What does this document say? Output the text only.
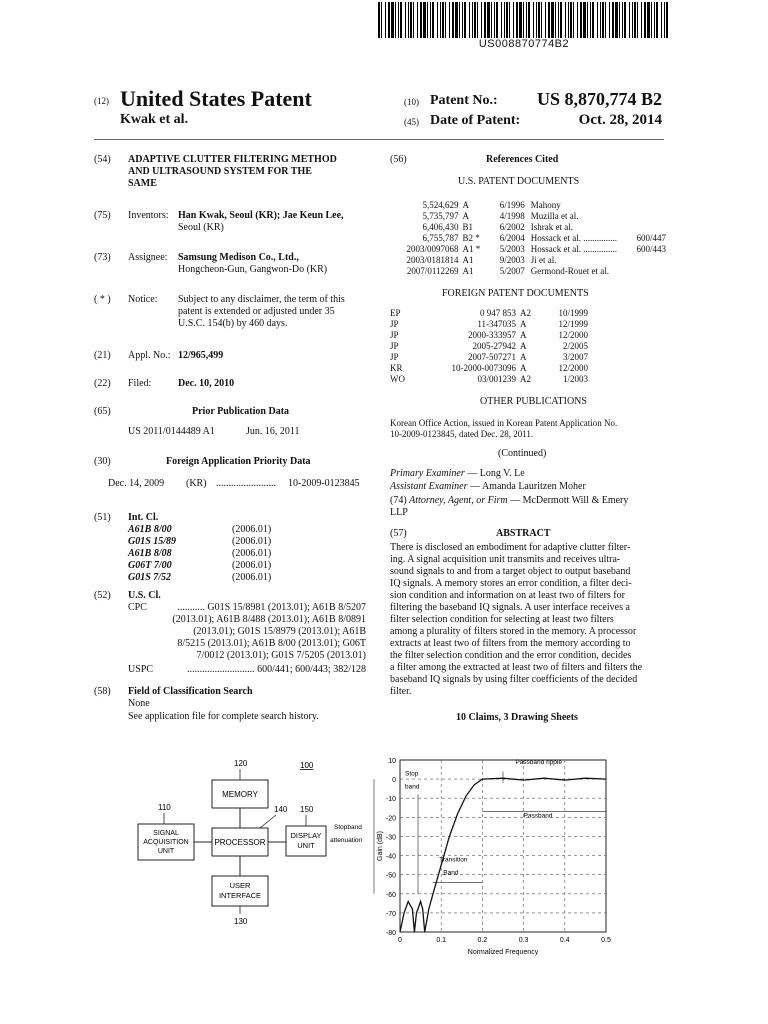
US008870774B2
(12) United States Patent
Kwak et al.
(10) Patent No.: US 8,870,774 B2
(45) Date of Patent:	Oct. 28, 2014
(54) ADAPTIVE CLUTTER FILTERING METHOD
AND ULTRASOUND SYSTEM FOR THE
SAME
(75) Inventors: Han Kwak, Seoul (KR); Jae Keun Lee,
Seoul (KR)
(73) Assignee: Samsung Medison Co., Ltd.,
Hongcheon-Gun, Gangwon-Do (KR)
( * ) Notice: Subject to any disclaimer, the term of this
patent is extended or adjusted under 35
U.S.C. 154(b) by 460 days.
(21) Appl. No.: 12/965,499
(22) Filed:	Dec. 10, 2010
(65)	Prior Publication Data
US 2011/0144489 A1	Jun. 16, 2011
(30)	Foreign Application Priority Data
Dec. 14, 2009 (KR) ........................ 10-2009-0123845
(51) Int. Cl.
A61B 8/00	(2006.01)
G01S 15/89	(2006.01)
A61B 8/08	(2006.01)
G06T 7/00	(2006.01)
G01S 7/52	(2006.01)
(52) U.S. Cl.
CPC	........... G01S 15/8981 (2013.01); A61B 8/5207
(2013.01); A61B 8/488 (2013.01); A61B 8/0891
(2013.01); G01S 15/8979 (2013.01); A61B
8/5215 (2013.01); A61B 8/00 (2013.01); G06T
7/0012 (2013.01); G01S 7/5205 (2013.01)
USPC	........................... 600/441; 600/443; 382/128
(58) Field of Classification Search
None
See application file for complete search history.
(56)	References Cited
U.S. PATENT DOCUMENTS
5,524,629	A	6/1996	Mahony	
5,735,797	A	4/1998	Muzilla et al.	
6,406,430	B1	6/2002	Ishrak et al.	
6,755,787	B2 *	6/2004	Hossack et al. ...............	600/447
2003/0097068	A1 *	5/2003	Hossack et al. ...............	600/443
2003/0181814	A1	9/2003	Ji et al.	
2007/0112269	A1	5/2007	Germond-Rouet et al.	
FOREIGN PATENT DOCUMENTS
EP	0 947 853	A2	10/1999
JP	11-347035	A	12/1999
JP	2000-333957	A	12/2000
JP	2005-27942	A	2/2005
JP	2007-507271	A	3/2007
KR	10-2000-0073096	A	12/2000
WO	03/001239	A2	1/2003
OTHER PUBLICATIONS
Korean Office Action, issued in Korean Patent Application No.
10-2009-0123845, dated Dec. 28, 2011.
(Continued)
Primary Examiner — Long V. Le
Assistant Examiner — Amanda Lauritzen Moher
(74) Attorney, Agent, or Firm — McDermott Will & Emery
LLP
(57)	ABSTRACT
There is disclosed an embodiment for adaptive clutter filter-
ing. A signal acquisition unit transmits and receives ultra-
sound signals to and from a target object to output baseband
IQ signals. A memory stores an error condition, a filter deci-
sion condition and information on at least two of filters for
filtering the baseband IQ signals. A user interface receives a
filter selection condition for selecting at least two filters
among a plurality of filters stored in the memory. A processor
extracts at least two of filters from the memory according to
the filter selection condition and the error condition, decides
a filter among the extracted at least two of filters and filters the
baseband IQ signals by using filter coefficients of the decided
filter.
10 Claims, 3 Drawing Sheets
100
120
MEMORY
110
SIGNAL
ACQUISITION
UNIT
PROCESSOR
140 150
DISPLAY
UNIT
USER
INTERFACE
130
10
0
-10
-20
-30
-40
-50
-60
-70
-80
0	0.1	0.2	0.3	0.4	0.5
Normalized Frequency
Gain (dB)
Stop
band
Passband ripple
Passband
Transition
Band
Stopband
attenuation
